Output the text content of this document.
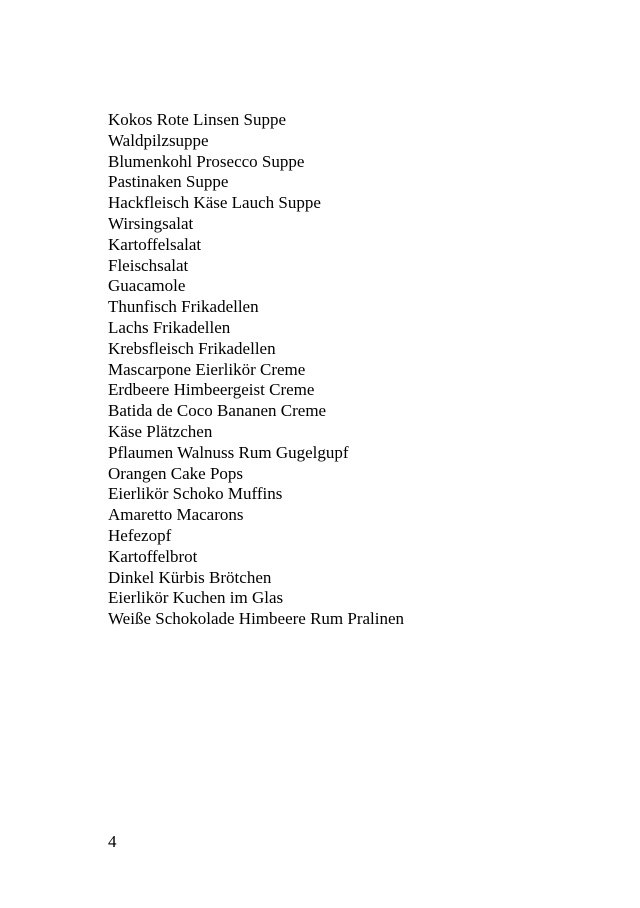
Kokos Rote Linsen Suppe
Waldpilzsuppe
Blumenkohl Prosecco Suppe
Pastinaken Suppe
Hackfleisch Käse Lauch Suppe
Wirsingsalat
Kartoffelsalat
Fleischsalat
Guacamole
Thunfisch Frikadellen
Lachs Frikadellen
Krebsfleisch Frikadellen
Mascarpone Eierlikör Creme
Erdbeere Himbeergeist Creme
Batida de Coco Bananen Creme
Käse Plätzchen
Pflaumen Walnuss Rum Gugelgupf
Orangen Cake Pops
Eierlikör Schoko Muffins
Amaretto Macarons
Hefezopf
Kartoffelbrot
Dinkel Kürbis Brötchen
Eierlikör Kuchen im Glas
Weiße Schokolade Himbeere Rum Pralinen
4
